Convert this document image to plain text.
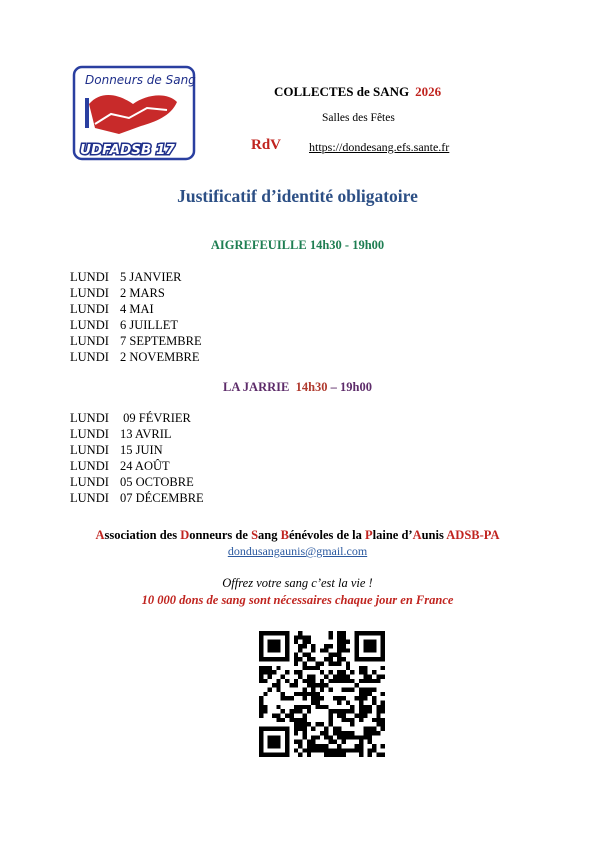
Donneurs de Sang
UDFADSB 17
COLLECTES de SANG 2026
Salles des Fêtes
RdV https://dondesang.efs.sante.fr
Justificatif d’identité obligatoire
AIGREFEUILLE 14h30 - 19h00
LUNDI 5 JANVIER
LUNDI 2 MARS
LUNDI 4 MAI
LUNDI 6 JUILLET
LUNDI 7 SEPTEMBRE
LUNDI 2 NOVEMBRE
LA JARRIE 14h30 – 19h00
LUNDI 09 FÉVRIER
LUNDI 13 AVRIL
LUNDI 15 JUIN
LUNDI 24 AOÛT
LUNDI 05 OCTOBRE
LUNDI 07 DÉCEMBRE
Association des Donneurs de Sang Bénévoles de la Plaine d’Aunis ADSB-PA
dondusangaunis@gmail.com
Offrez votre sang c’est la vie !
10 000 dons de sang sont nécessaires chaque jour en France
